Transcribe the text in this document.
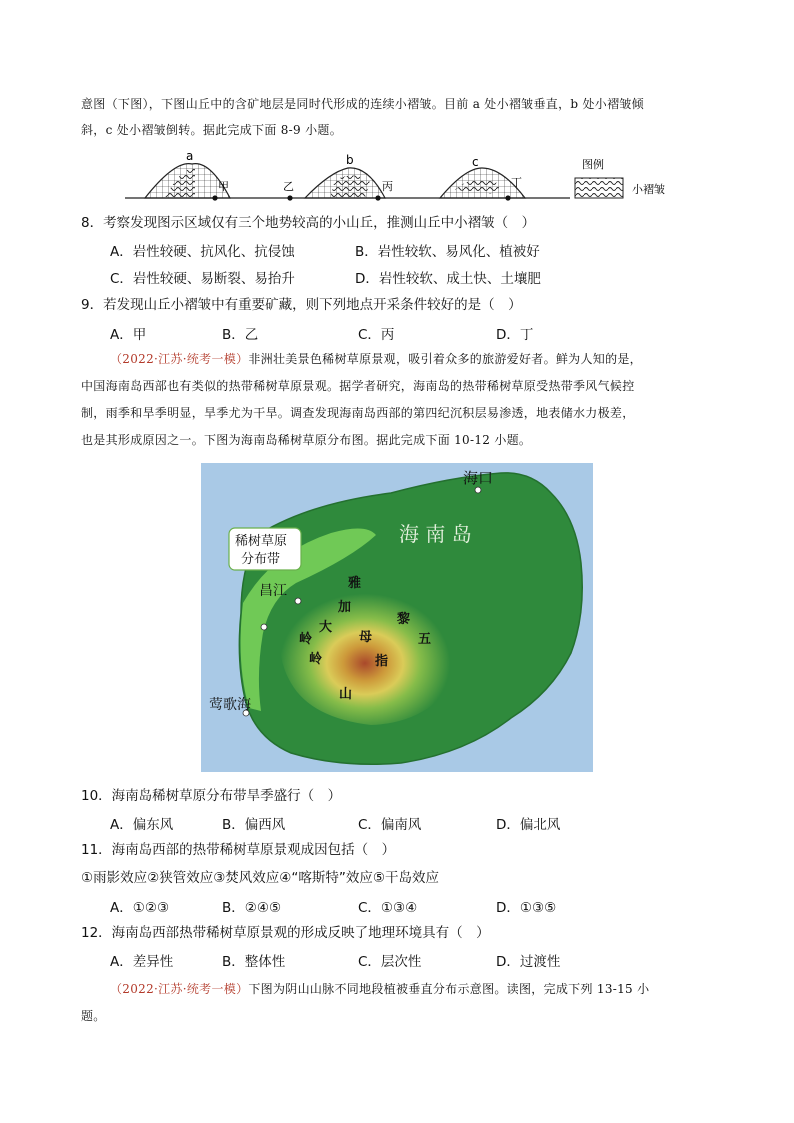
意图（下图），下图山丘中的含矿地层是同时代形成的连续小褶皱。目前 a 处小褶皱垂直，b 处小褶皱倾
斜，c 处小褶皱倒转。据此完成下面 8-9 小题。
a	b	c
甲	乙	丙	丁
图例
小褶皱
8．考察发现图示区域仅有三个地势较高的小山丘，推测山丘中小褶皱（　）
A．岩性较硬、抗风化、抗侵蚀	B．岩性较软、易风化、植被好
C．岩性较硬、易断裂、易抬升	D．岩性较软、成土快、土壤肥
9．若发现山丘小褶皱中有重要矿藏，则下列地点开采条件较好的是（　）
A．甲	B．乙	C．丙	D．丁
（2022·江苏·统考一模）非洲壮美景色稀树草原景观，吸引着众多的旅游爱好者。鲜为人知的是，
中国海南岛西部也有类似的热带稀树草原景观。据学者研究，海南岛的热带稀树草原受热带季风气候控
制，雨季和旱季明显，旱季尤为干旱。调查发现海南岛西部的第四纪沉积层易渗透，地表储水力极差，
也是其形成原因之一。下图为海南岛稀树草原分布图。据此完成下面 10-12 小题。
海口
海 南 岛
稀树草原
分布带
昌江
莺歌海
雅
加
大
岭
岭
黎
母	五
指
山
10．海南岛稀树草原分布带旱季盛行（　）
A．偏东风	B．偏西风	C．偏南风	D．偏北风
11．海南岛西部的热带稀树草原景观成因包括（　）
①雨影效应②狭管效应③焚风效应④“喀斯特”效应⑤干岛效应
A．①②③	B．②④⑤	C．①③④	D．①③⑤
12．海南岛西部热带稀树草原景观的形成反映了地理环境具有（　）
A．差异性	B．整体性	C．层次性	D．过渡性
（2022·江苏·统考一模）下图为阴山山脉不同地段植被垂直分布示意图。读图，完成下列 13-15 小
题。
